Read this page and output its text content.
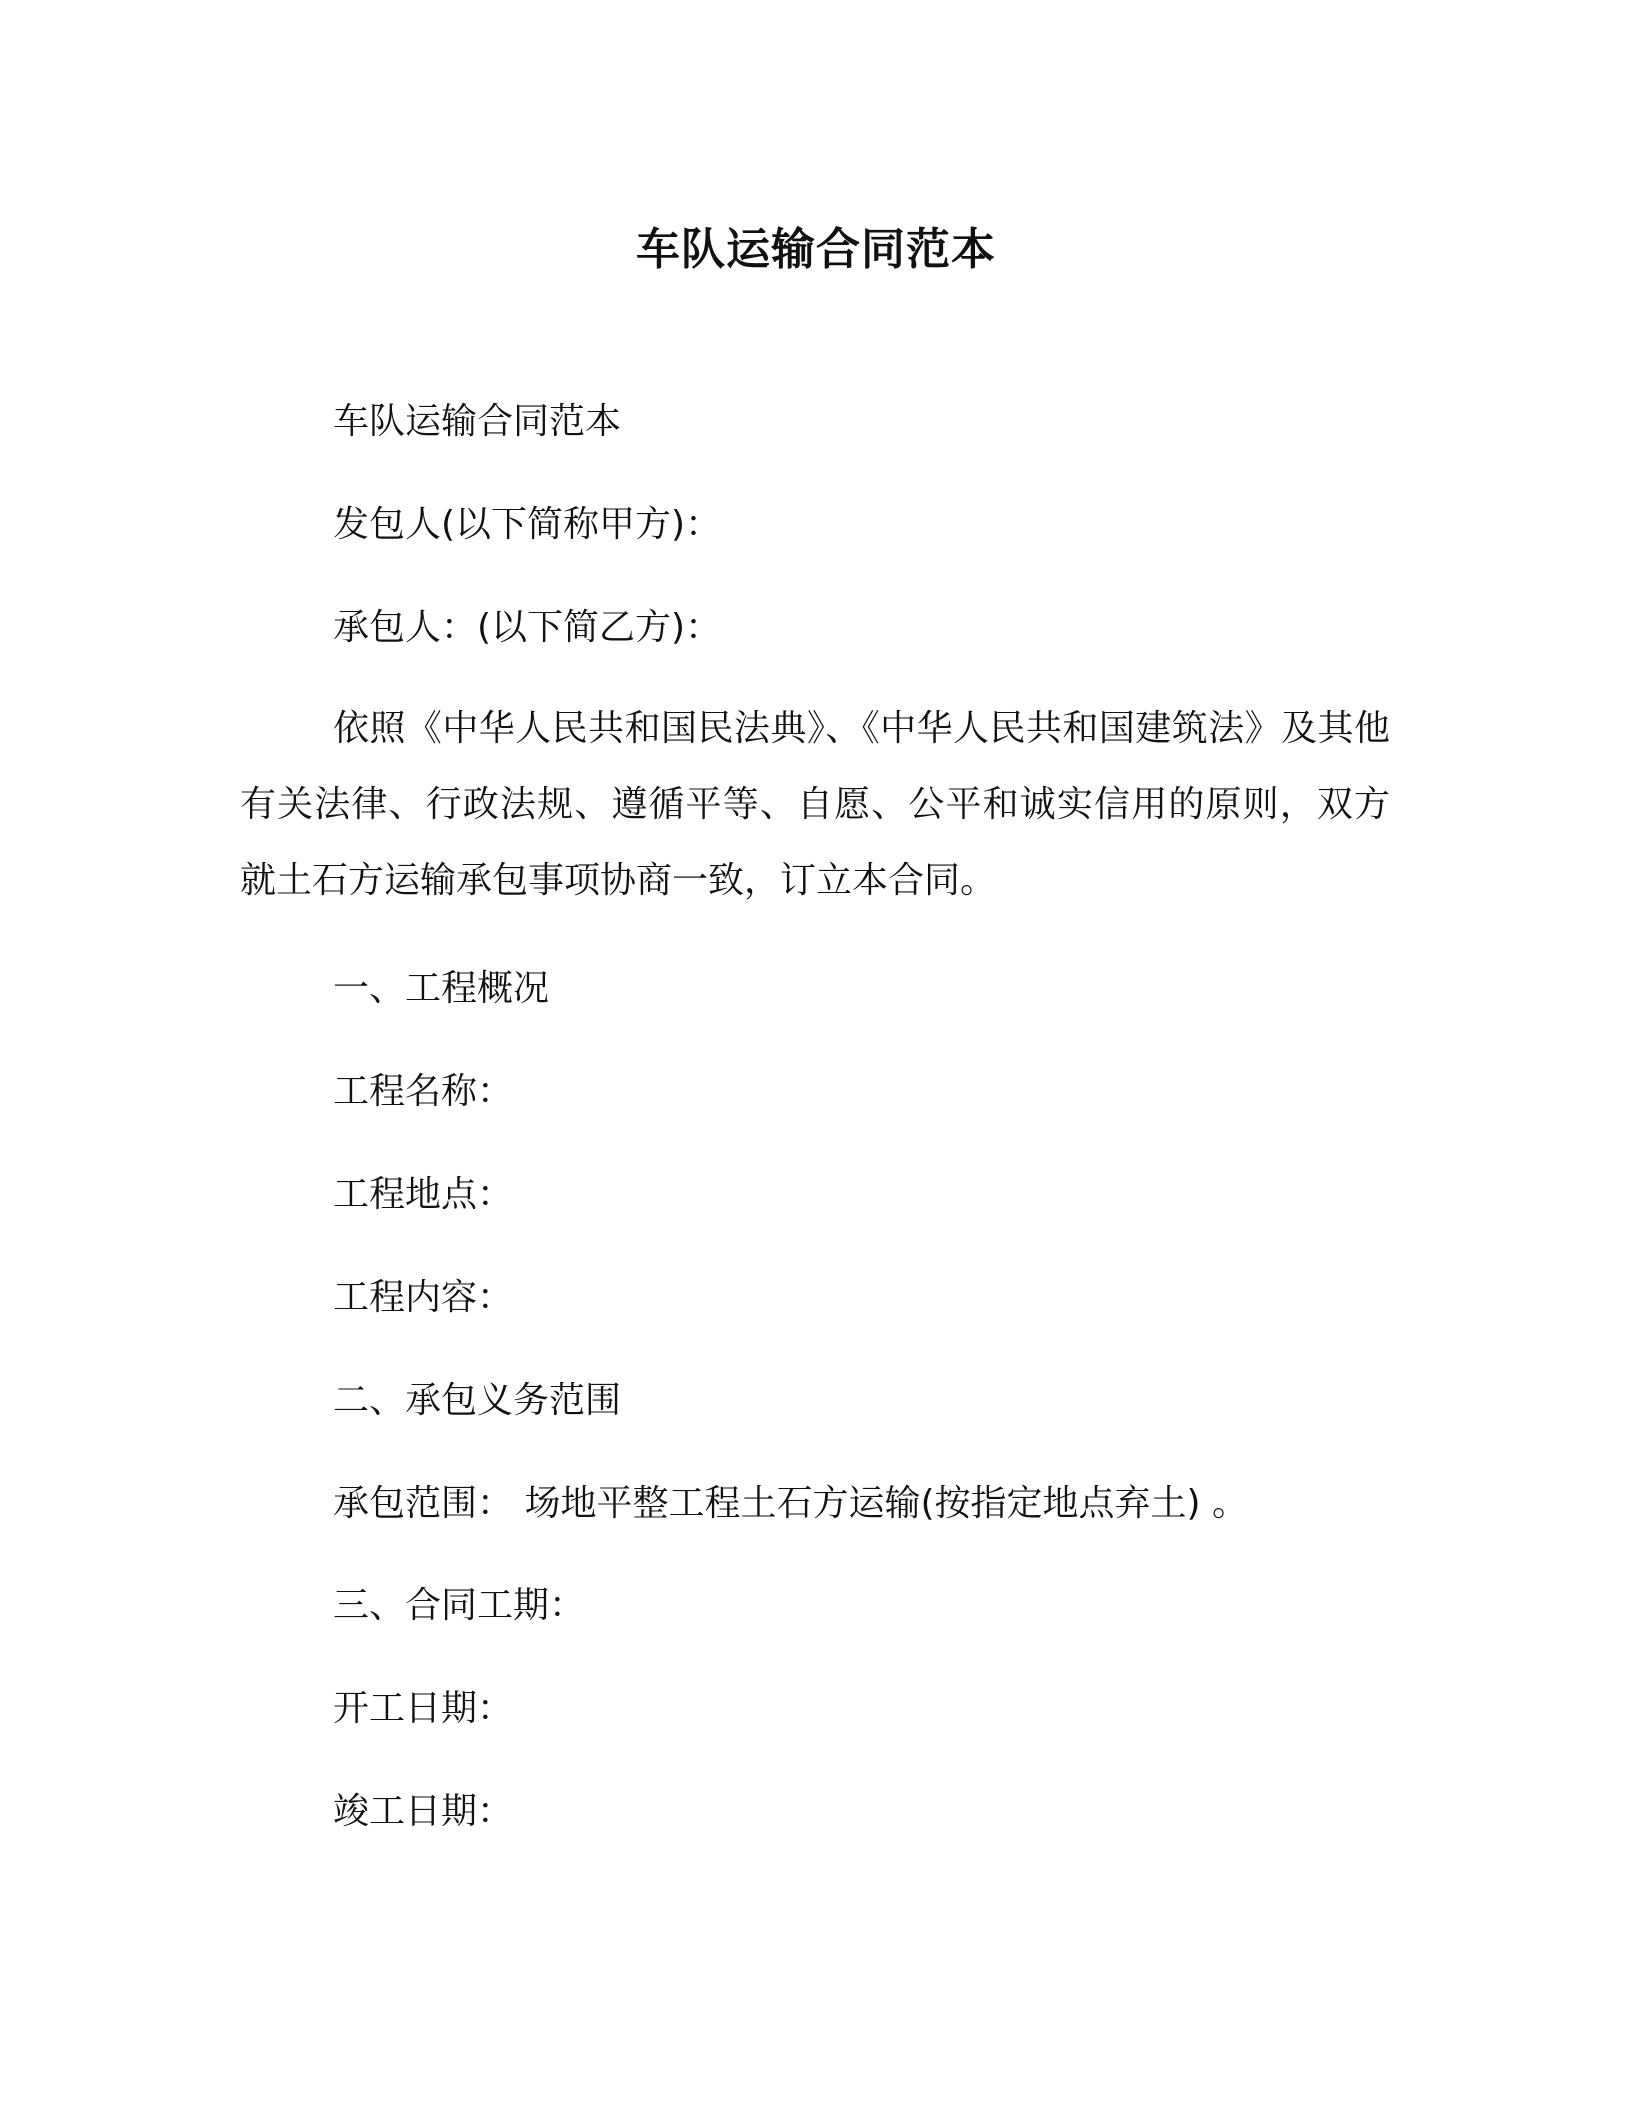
车队运输合同范本
车队运输合同范本
发包人(以下简称甲方)：
承包人：(以下简乙方)：
依照《中华人民共和国民法典》、《中华人民共和国建筑法》及其他有关法律、行政法规、遵循平等、自愿、公平和诚实信用的原则，双方就土石方运输承包事项协商一致，订立本合同。
一、工程概况
工程名称：
工程地点：
工程内容：
二、承包义务范围
承包范围： 场地平整工程土石方运输(按指定地点弃土) 。
三、合同工期：
开工日期：
竣工日期：
